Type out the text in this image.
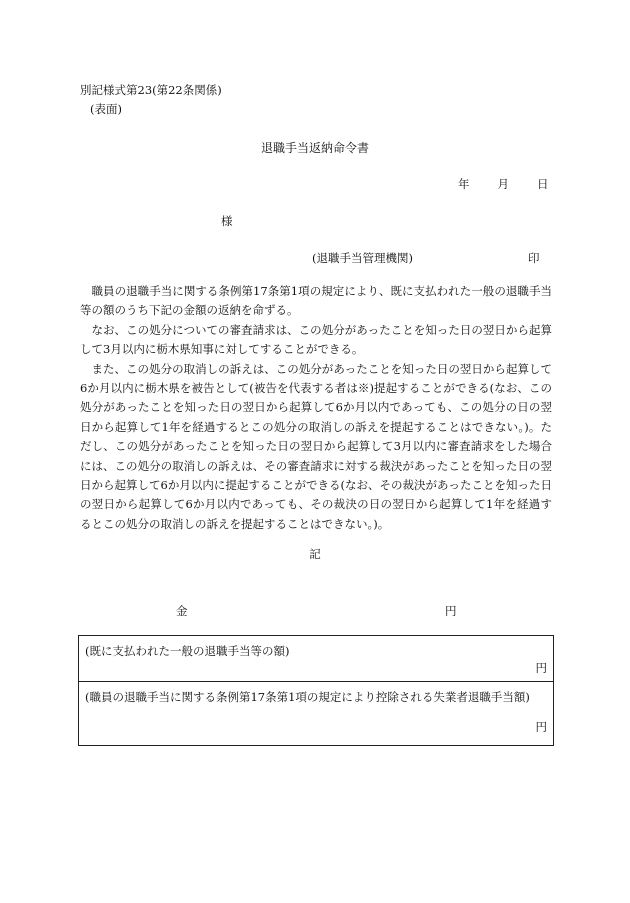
別記様式第23(第22条関係)
(表面)
退職手当返納命令書
年 月 日
様
(退職手当管理機関)	印

職員の退職手当に関する条例第17条第1項の規定により、既に支払われた一般の退職手当等の額のうち下記の金額の返納を命ずる。

なお、この処分についての審査請求は、この処分があったことを知った日の翌日から起算して3月以内に栃木県知事に対してすることができる。

また、この処分の取消しの訴えは、この処分があったことを知った日の翌日から起算して6か月以内に栃木県を被告として(被告を代表する者は※)提起することができる(なお、この処分があったことを知った日の翌日から起算して6か月以内であっても、この処分の日の翌日から起算して1年を経過するとこの処分の取消しの訴えを提起することはできない。)。ただし、この処分があったことを知った日の翌日から起算して3月以内に審査請求をした場合には、この処分の取消しの訴えは、その審査請求に対する裁決があったことを知った日の翌日から起算して6か月以内に提起することができる(なお、その裁決があったことを知った日の翌日から起算して6か月以内であっても、その裁決の日の翌日から起算して1年を経過するとこの処分の取消しの訴えを提起することはできない。)。

記
金	円
(既に支払われた一般の退職手当等の額)
円
(職員の退職手当に関する条例第17条第1項の規定により控除される失業者退職手当額)
円
